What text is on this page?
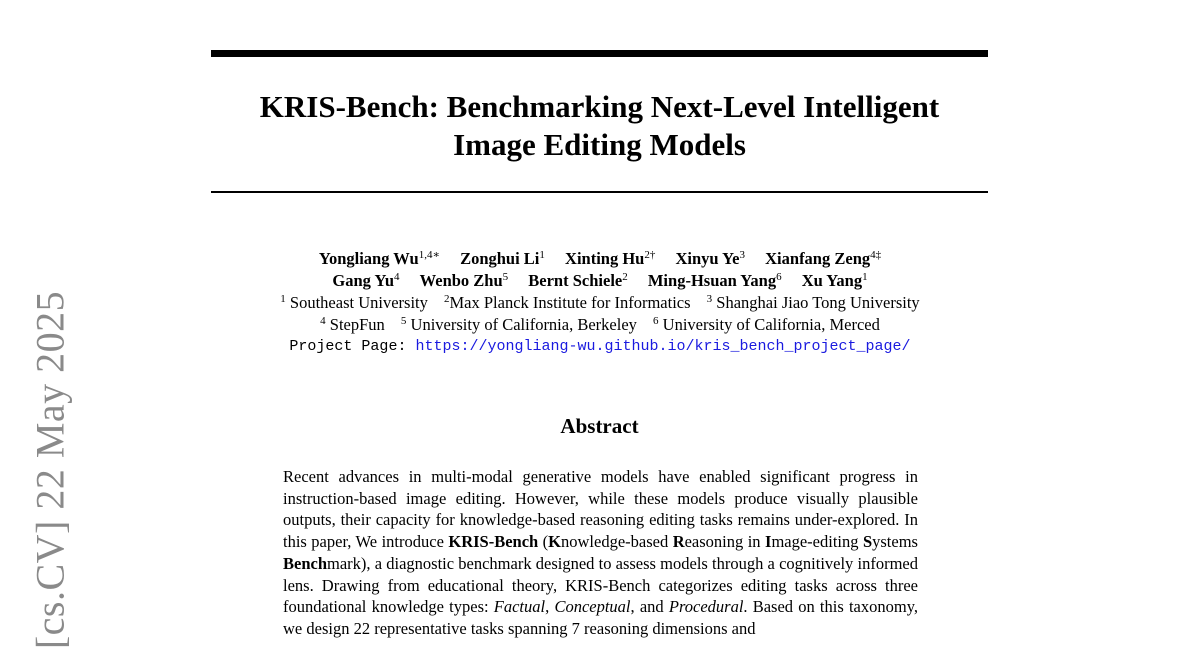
[cs.CV] 22 May 2025
KRIS-Bench: Benchmarking Next-Level Intelligent
Image Editing Models
Yongliang $Wu^{1,4∗}$ Zonghui Li$^1$ Xinting $Hu^{2\dagger}$ Xinyu Ye$^3$ Xianfang Zeng$^{4\ddagger}$
Gang Yu$^4$ Wenbo Zhu$^5$ Bernt Schiele$^2$ Ming-Hsuan Yang$^6$ Xu Yang$^1$
$^1$ Southeast University $^2$Max Planck Institute for Informatics $^3$ Shanghai Jiao Tong University
$^4$ StepFun $^5$ University of California, Berkeley $^6$ University of California, Merced
Project Page: https://yongliang-wu.github.io/kris_bench_project_page/
Abstract

Recent advances in multi-modal generative models have enabled significant progress in instruction-based image editing. However, while these models produce visually plausible outputs, their capacity for knowledge-based reasoning editing tasks remains under-explored. In this paper, We introduce KRIS-Bench (Knowledge-based Reasoning in Image-editing Systems Benchmark), a diagnostic benchmark designed to assess models through a cognitively informed lens. Drawing from educational theory, KRIS-Bench categorizes editing tasks across three foundational knowledge types: Factual, Conceptual, and Procedural. Based on this taxonomy, we design 22 representative tasks spanning 7 reasoning dimensions and
